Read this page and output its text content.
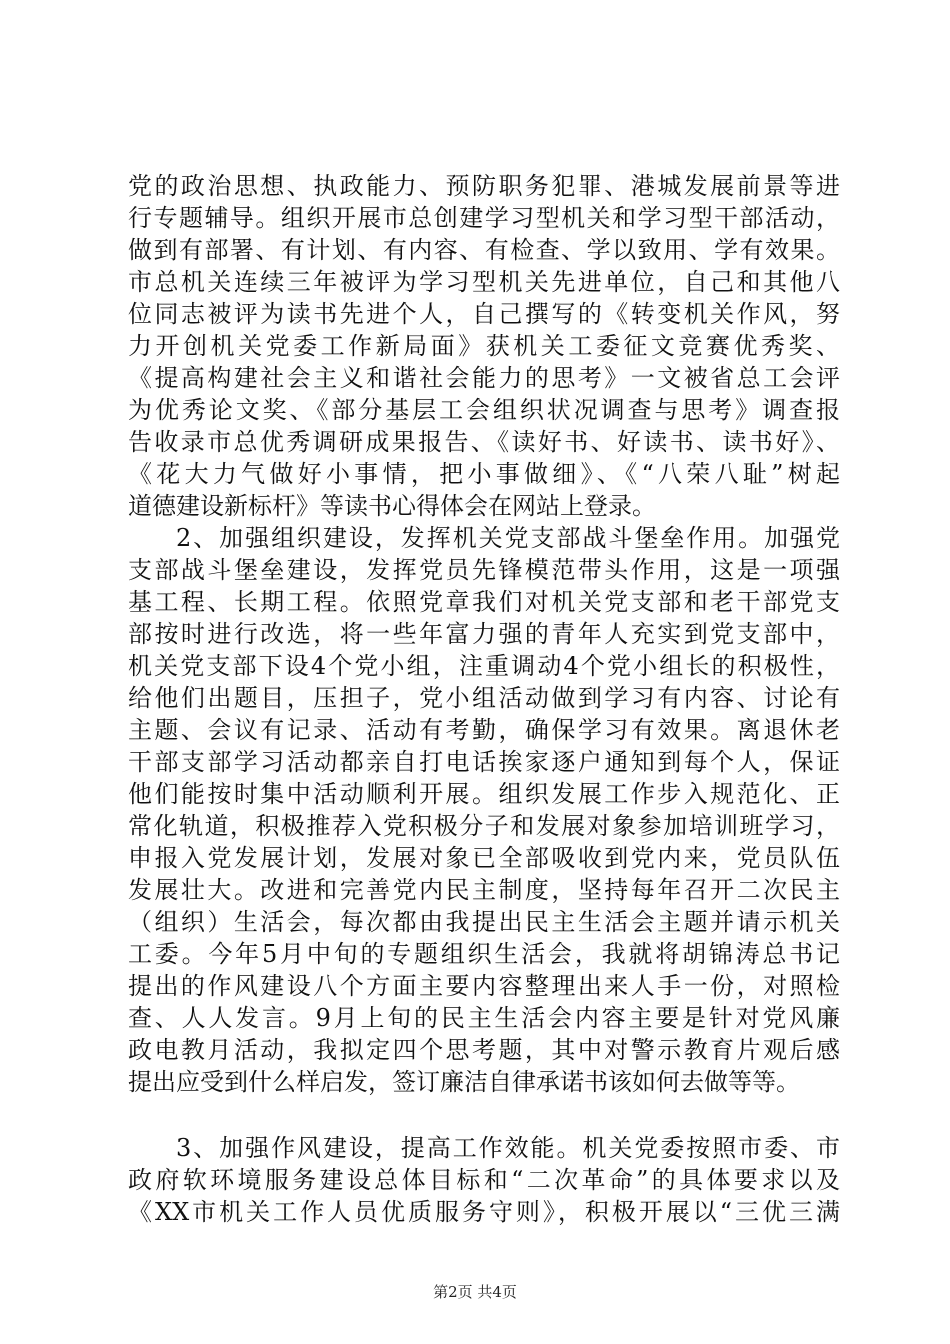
党的政治思想、执政能力、预防职务犯罪、港城发展前景等进
行专题辅导。组织开展市总创建学习型机关和学习型干部活动，
做到有部署、有计划、有内容、有检查、学以致用、学有效果。
市总机关连续三年被评为学习型机关先进单位，自己和其他八
位同志被评为读书先进个人，自己撰写的《转变机关作风，努
力开创机关党委工作新局面》获机关工委征文竞赛优秀奖、
《提高构建社会主义和谐社会能力的思考》一文被省总工会评
为优秀论文奖、《部分基层工会组织状况调查与思考》调查报
告收录市总优秀调研成果报告、《读好书、好读书、读书好》、
《花大力气做好小事情，把小事做细》、《“八荣八耻”树起
道德建设新标杆》等读书心得体会在网站上登录。
2、加强组织建设，发挥机关党支部战斗堡垒作用。加强党
支部战斗堡垒建设，发挥党员先锋模范带头作用，这是一项强
基工程、长期工程。依照党章我们对机关党支部和老干部党支
部按时进行改选，将一些年富力强的青年人充实到党支部中，
机关党支部下设4个党小组，注重调动4个党小组长的积极性，
给他们出题目，压担子，党小组活动做到学习有内容、讨论有
主题、会议有记录、活动有考勤，确保学习有效果。离退休老
干部支部学习活动都亲自打电话挨家逐户通知到每个人，保证
他们能按时集中活动顺利开展。组织发展工作步入规范化、正
常化轨道，积极推荐入党积极分子和发展对象参加培训班学习，
申报入党发展计划，发展对象已全部吸收到党内来，党员队伍
发展壮大。改进和完善党内民主制度，坚持每年召开二次民主
（组织）生活会，每次都由我提出民主生活会主题并请示机关
工委。今年5月中旬的专题组织生活会，我就将胡锦涛总书记
提出的作风建设八个方面主要内容整理出来人手一份，对照检
查、人人发言。9月上旬的民主生活会内容主要是针对党风廉
政电教月活动，我拟定四个思考题，其中对警示教育片观后感
提出应受到什么样启发，签订廉洁自律承诺书该如何去做等等。
3、加强作风建设，提高工作效能。机关党委按照市委、市
政府软环境服务建设总体目标和“二次革命”的具体要求以及
《XX市机关工作人员优质服务守则》，积极开展以“三优三满
第2页 共4页
